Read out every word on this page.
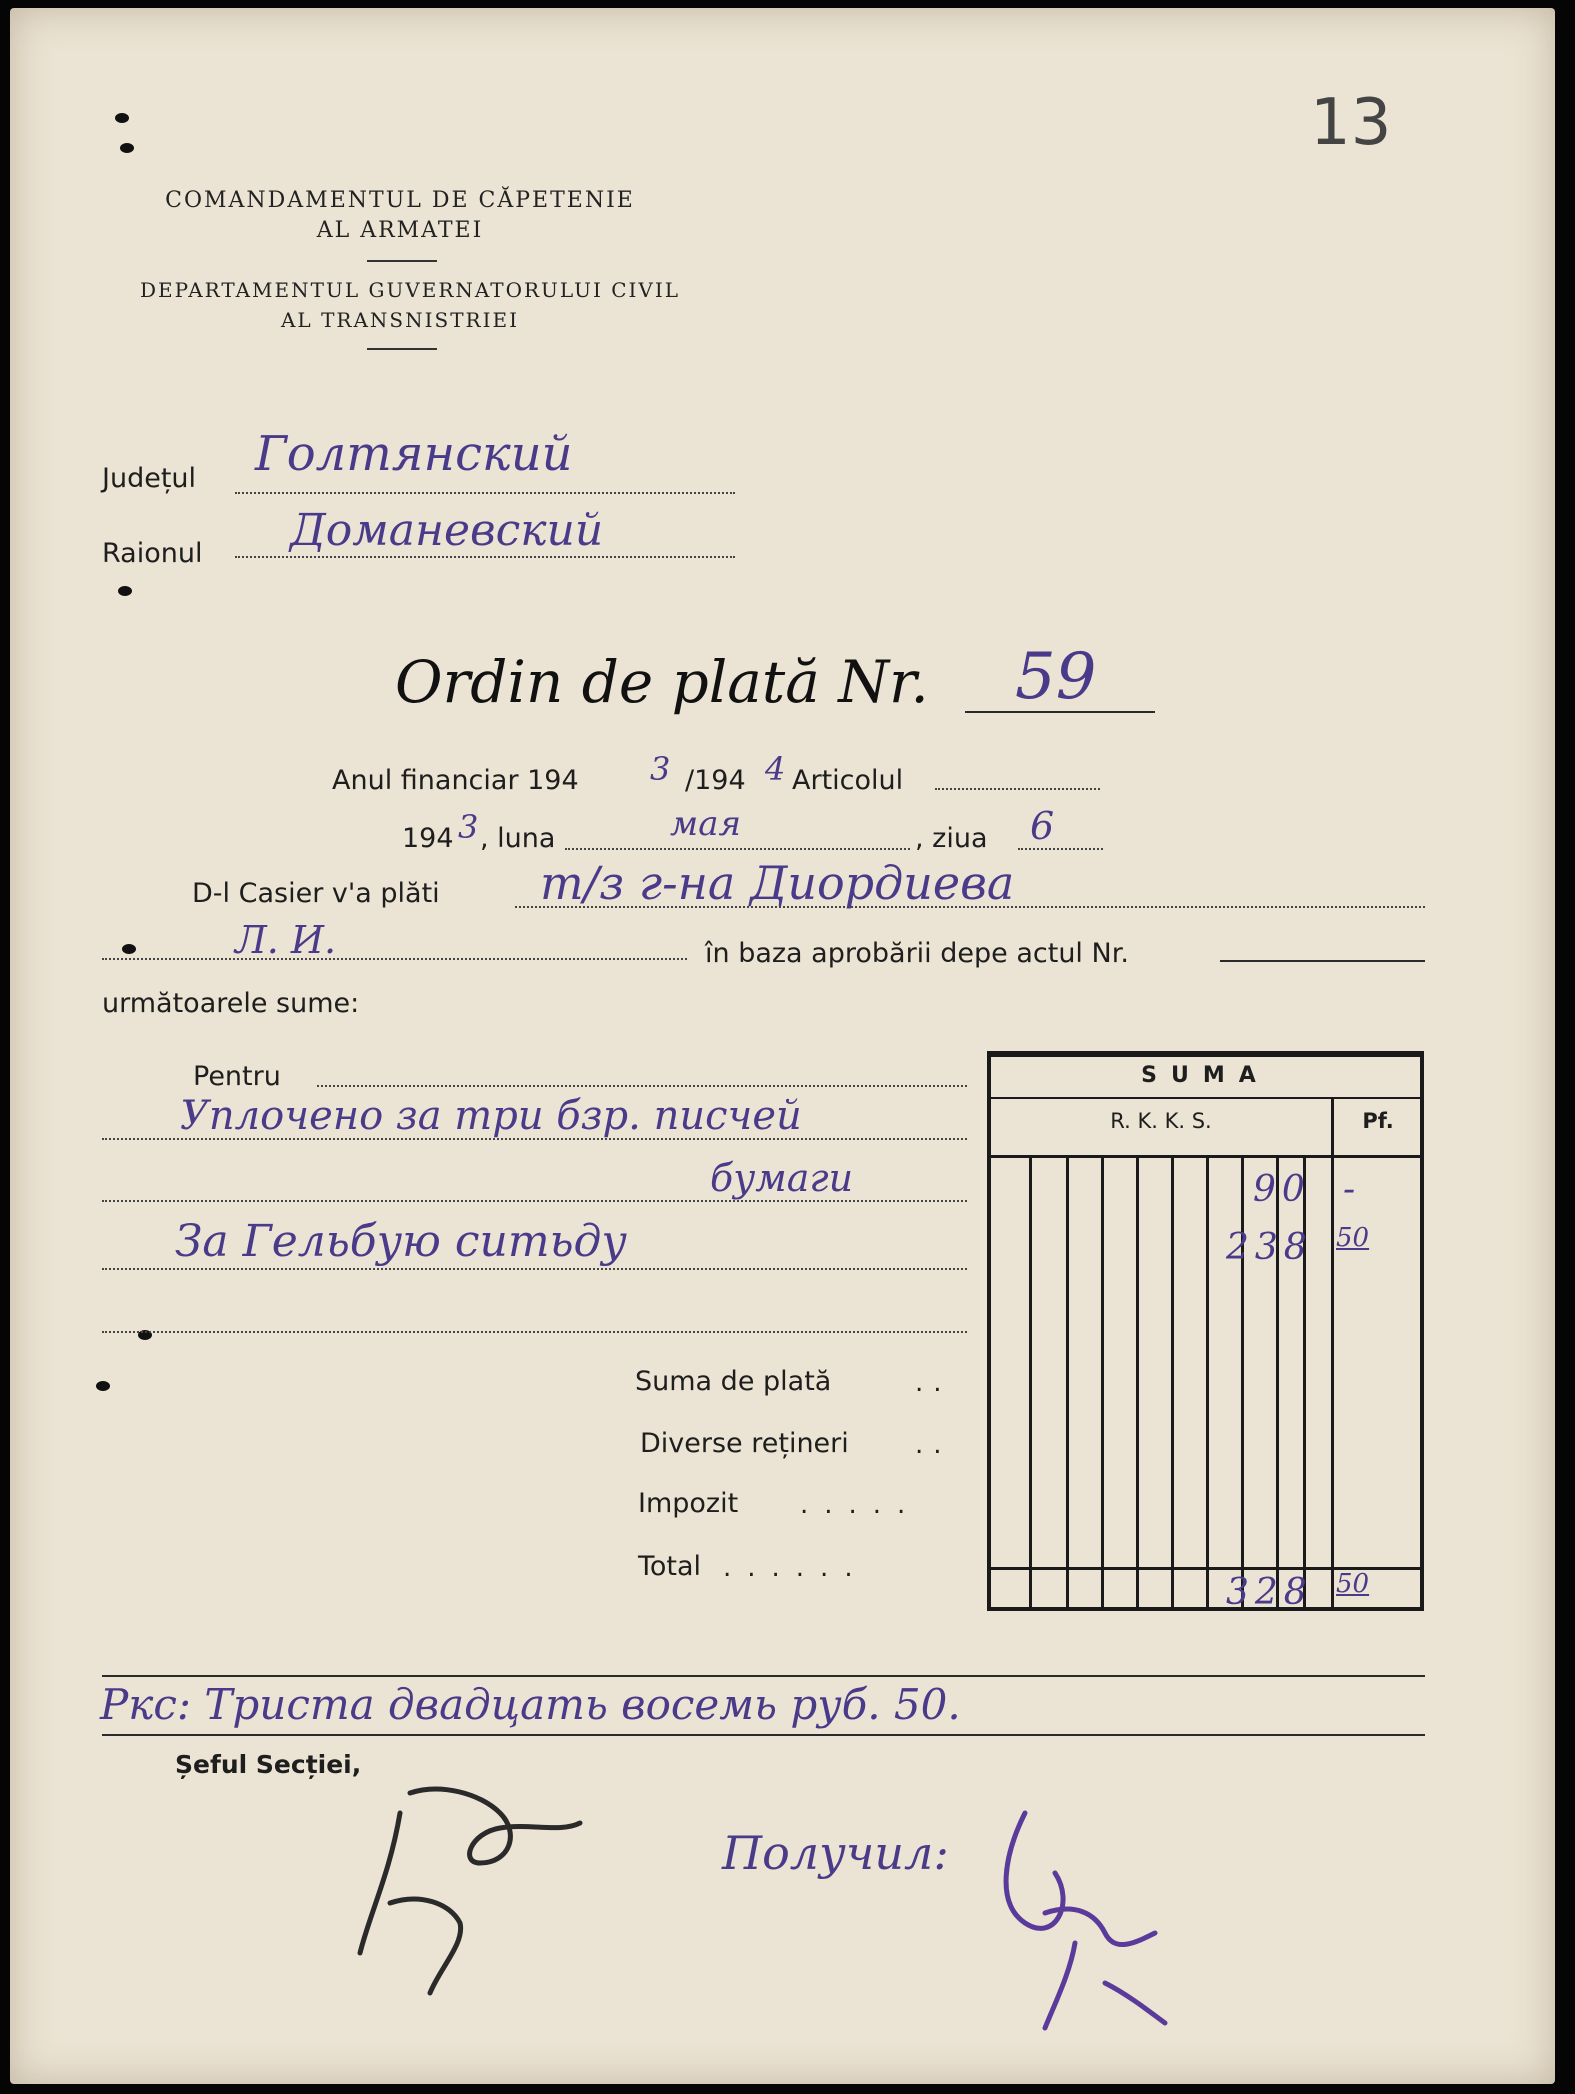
13
COMANDAMENTUL DE CĂPETENIE
AL ARMATEI
DEPARTAMENTUL GUVERNATORULUI CIVIL
AL TRANSNISTRIEI
Județul Голтянский
Raionul Доманевский
Ordin de plată Nr. 59
Anul financiar 194 3 /194 4 Articolul
194 3 , luna	мая	, ziua 6
D-l Casier v'a plăti т/з г-на Диордиева
Л. И.	în baza aprobării depe actul Nr.
următoarele sume:
Pentru
Уплочено за три бзр. писчей
бумаги
За Гельбую ситьду
Suma de plată	..
Diverse rețineri	..
Impozit .....
Total ......
SUMA
R. K. K. S.	Pf.
90 -
238 50
328 50
Ркс: Триста двадцать восемь руб. 50.
Șeful Secției,
Получил:
